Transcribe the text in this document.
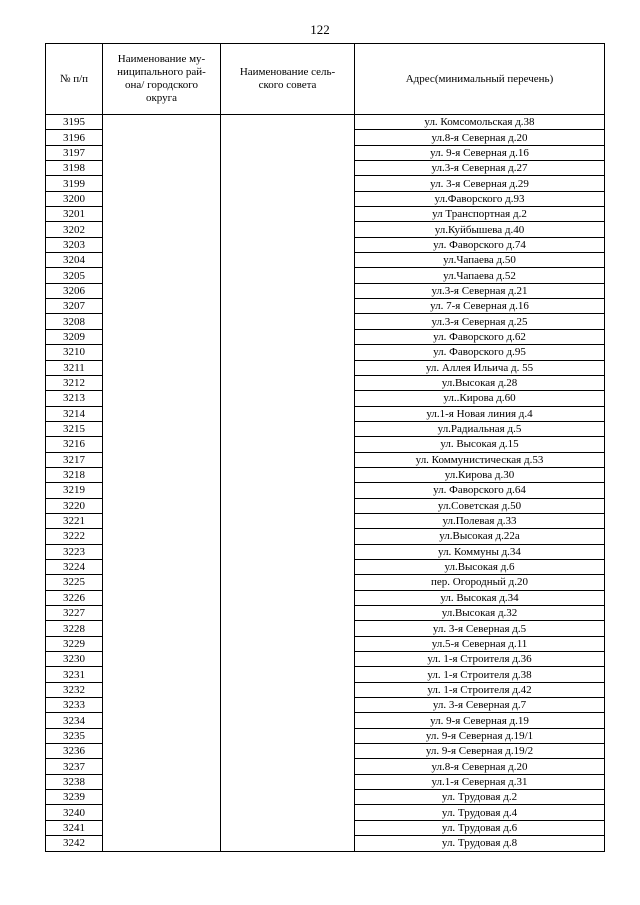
122
№ п/п	Наименование му-
ниципального рай-
она/ городского
округа	Наименование сель-
ского совета	Адрес(минимальный перечень)
3195			ул. Комсомольская д.38
3196			ул.8-я Северная д.20
3197			ул. 9-я Северная д.16
3198			ул.3-я Северная д.27
3199			ул. 3-я Северная д.29
3200			ул.Фаворского д.93
3201			ул Транспортная д.2
3202			ул.Куйбышева д.40
3203			ул. Фаворского д.74
3204			ул.Чапаева д.50
3205			ул.Чапаева д.52
3206			ул.3-я Северная д.21
3207			ул. 7-я Северная д.16
3208			ул.3-я Северная д.25
3209			ул. Фаворского д.62
3210			ул. Фаворского д.95
3211			ул. Аллея Ильича д. 55
3212			ул.Высокая д.28
3213			ул..Кирова д.60
3214			ул.1-я Новая линия д.4
3215			ул.Радиальная д.5
3216			ул. Высокая д.15
3217			ул. Коммунистическая д.53
3218			ул.Кирова д.30
3219			ул. Фаворского д.64
3220			ул.Советская д.50
3221			ул.Полевая д.33
3222			ул.Высокая д.22а
3223			ул. Коммуны д.34
3224			ул.Высокая д.6
3225			пер. Огородный д.20
3226			ул. Высокая д.34
3227			ул.Высокая д.32
3228			ул. 3-я Северная д.5
3229			ул.5-я Северная д.11
3230			ул. 1-я Строителя д.36
3231			ул. 1-я Строителя д.38
3232			ул. 1-я Строителя д.42
3233			ул. 3-я Северная д.7
3234			ул. 9-я Северная д.19
3235			ул. 9-я Северная д.19/1
3236			ул. 9-я Северная д.19/2
3237			ул.8-я Северная д.20
3238			ул.1-я Северная д.31
3239			ул. Трудовая д.2
3240			ул. Трудовая д.4
3241			ул. Трудовая д.6
3242			ул. Трудовая д.8
